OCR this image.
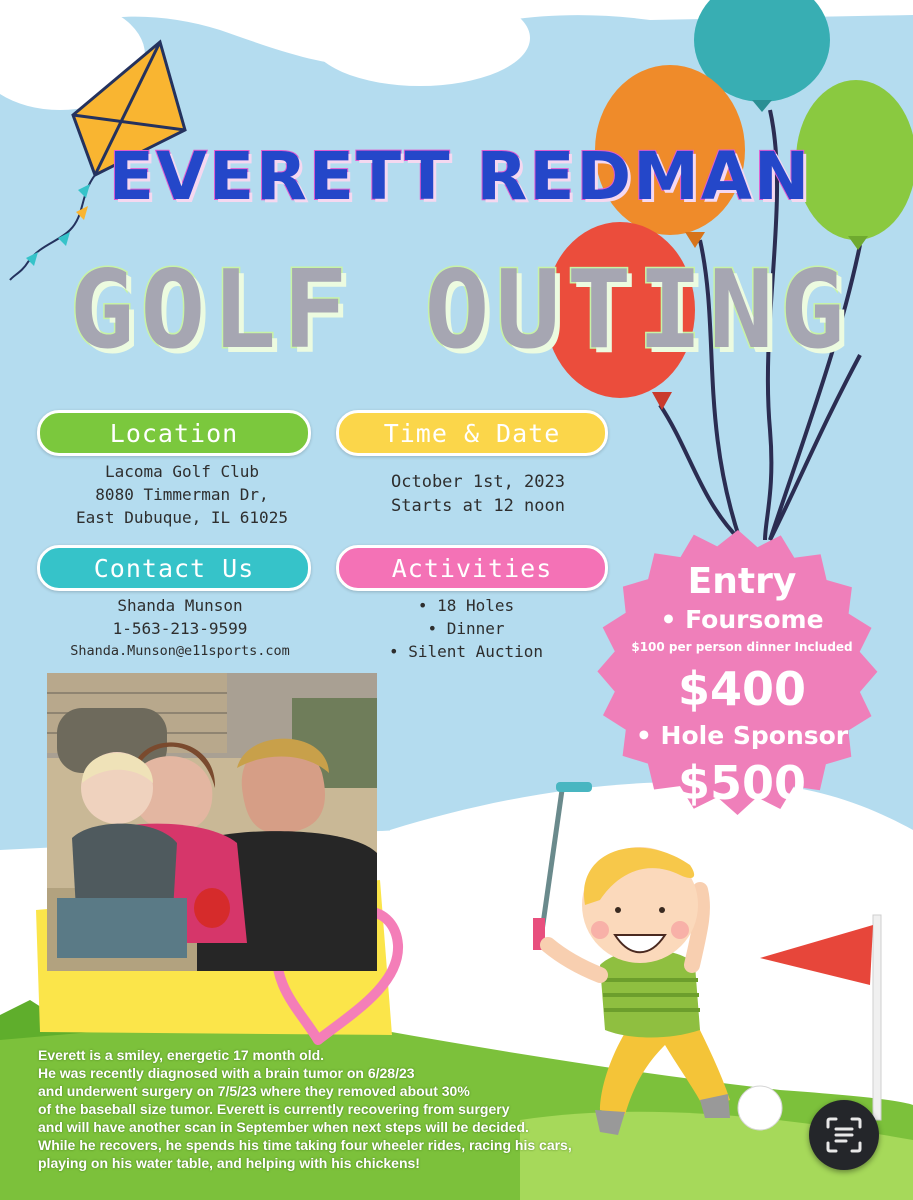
EVERETT REDMAN
GOLF OUTING
Location
Lacoma Golf Club
8080 Timmerman Dr,
East Dubuque, IL 61025
Time & Date
October 1st, 2023
Starts at 12 noon
Contact Us
Shanda Munson
1-563-213-9599
Shanda.Munson@e11sports.com
Activities
• 18 Holes
• Dinner
• Silent Auction
Entry
• Foursome
$100 per person dinner Included
$400
• Hole Sponsor
$500

Everett is a smiley, energetic 17 month old.

He was recently diagnosed with a brain tumor on 6/28/23

and underwent surgery on 7/5/23 where they removed about 30%

of the baseball size tumor. Everett is currently recovering from surgery

and will have another scan in September when next steps will be decided.

While he recovers, he spends his time taking four wheeler rides, racing his cars,

playing on his water table, and helping with his chickens!
